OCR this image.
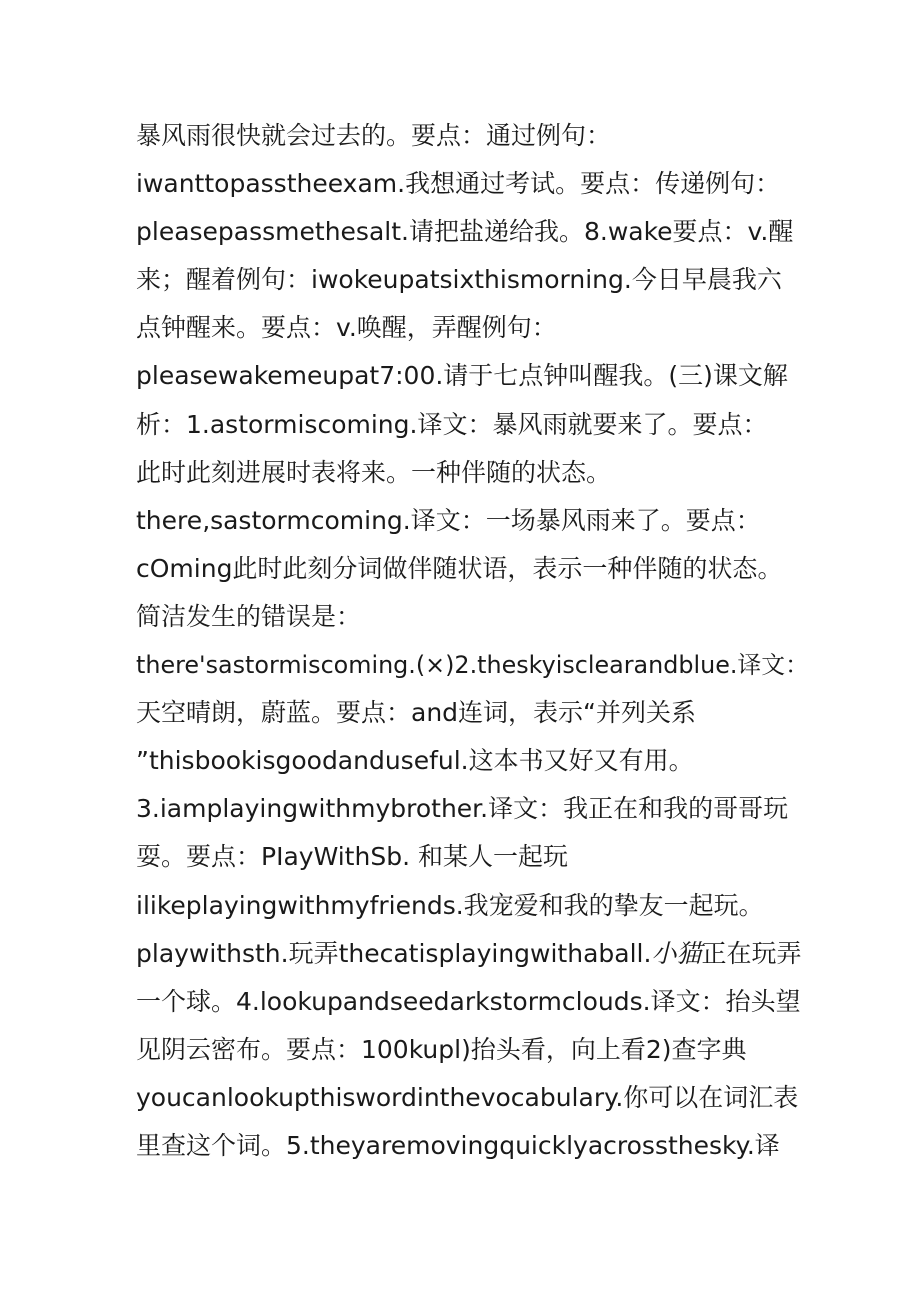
暴风雨很快就会过去的。要点：通过例句：
iwanttopasstheexam.我想通过考试。要点：传递例句：
pleasepassmethesalt.请把盐递给我。8.wake要点：v.醒
来；醒着例句：iwokeupatsixthismorning.今日早晨我六
点钟醒来。要点：v.唤醒，弄醒例句：
pleasewakemeupat7:00.请于七点钟叫醒我。(三)课文解
析：1.astormiscoming.译文：暴风雨就要来了。要点：
此时此刻进展时表将来。一种伴随的状态。
there‚sastormcoming.译文：一场暴风雨来了。要点：
cOming此时此刻分词做伴随状语，表示一种伴随的状态。
简洁发生的错误是：
there'sastormiscoming.(×)2.theskyisclearandblue.译文：
天空晴朗，蔚蓝。要点：and连词，表示“并列关系
”thisbookisgoodanduseful.这本书又好又有用。
3.iamplayingwithmybrother.译文：我正在和我的哥哥玩
耍。要点：PIayWithSb. 和某人一起玩
ilikeplayingwithmyfriends.我宠爱和我的挚友一起玩。
playwithsth.玩弄thecatisplayingwithaball.小猫正在玩弄
一个球。4.lookupandseedarkstormclouds.译文：抬头望
见阴云密布。要点：100kupl)抬头看，向上看2)查字典
youcanlookupthiswordinthevocabulary.你可以在词汇表
里查这个词。5.theyaremovingquicklyacrossthesky.译
